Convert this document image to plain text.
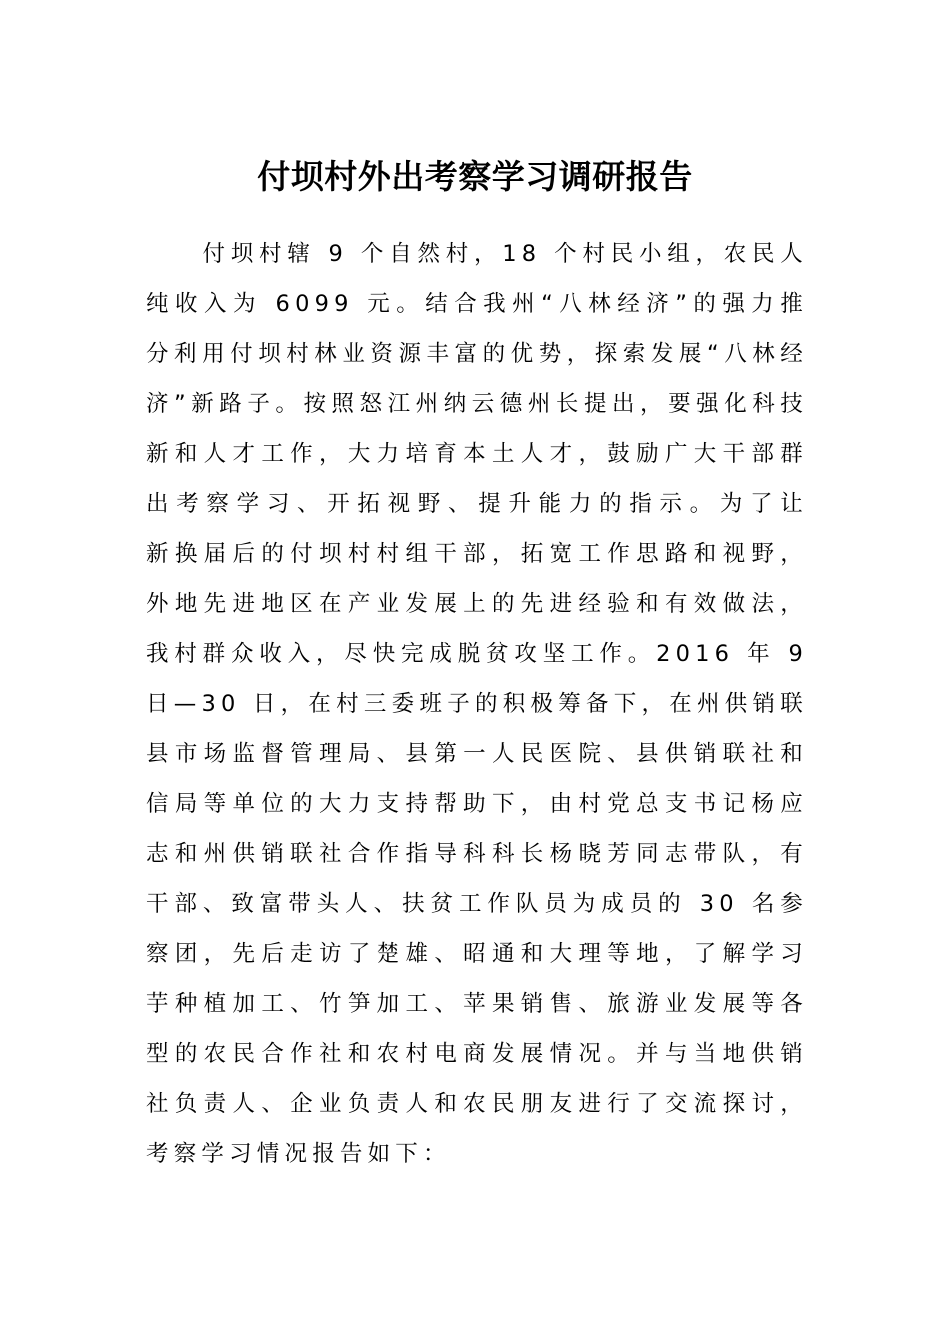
付坝村外出考察学习调研报告
　　付坝村辖 9 个自然村，18 个村民小组，农民人
纯收入为 6099 元。结合我州“八林经济”的强力推
分利用付坝村林业资源丰富的优势，探索发展“八林经
济”新路子。按照怒江州纳云德州长提出，要强化科技
新和人才工作，大力培育本土人才，鼓励广大干部群
出考察学习、开拓视野、提升能力的指示。为了让
新换届后的付坝村村组干部，拓宽工作思路和视野，
外地先进地区在产业发展上的先进经验和有效做法，
我村群众收入，尽快完成脱贫攻坚工作。2016 年 9
日—30 日，在村三委班子的积极筹备下，在州供销联
县市场监督管理局、县第一人民医院、县供销联社和
信局等单位的大力支持帮助下，由村党总支书记杨应
志和州供销联社合作指导科科长杨晓芳同志带队，有
干部、致富带头人、扶贫工作队员为成员的 30 名参
察团，先后走访了楚雄、昭通和大理等地，了解学习
芋种植加工、竹笋加工、苹果销售、旅游业发展等各
型的农民合作社和农村电商发展情况。并与当地供销
社负责人、企业负责人和农民朋友进行了交流探讨，
考察学习情况报告如下：
